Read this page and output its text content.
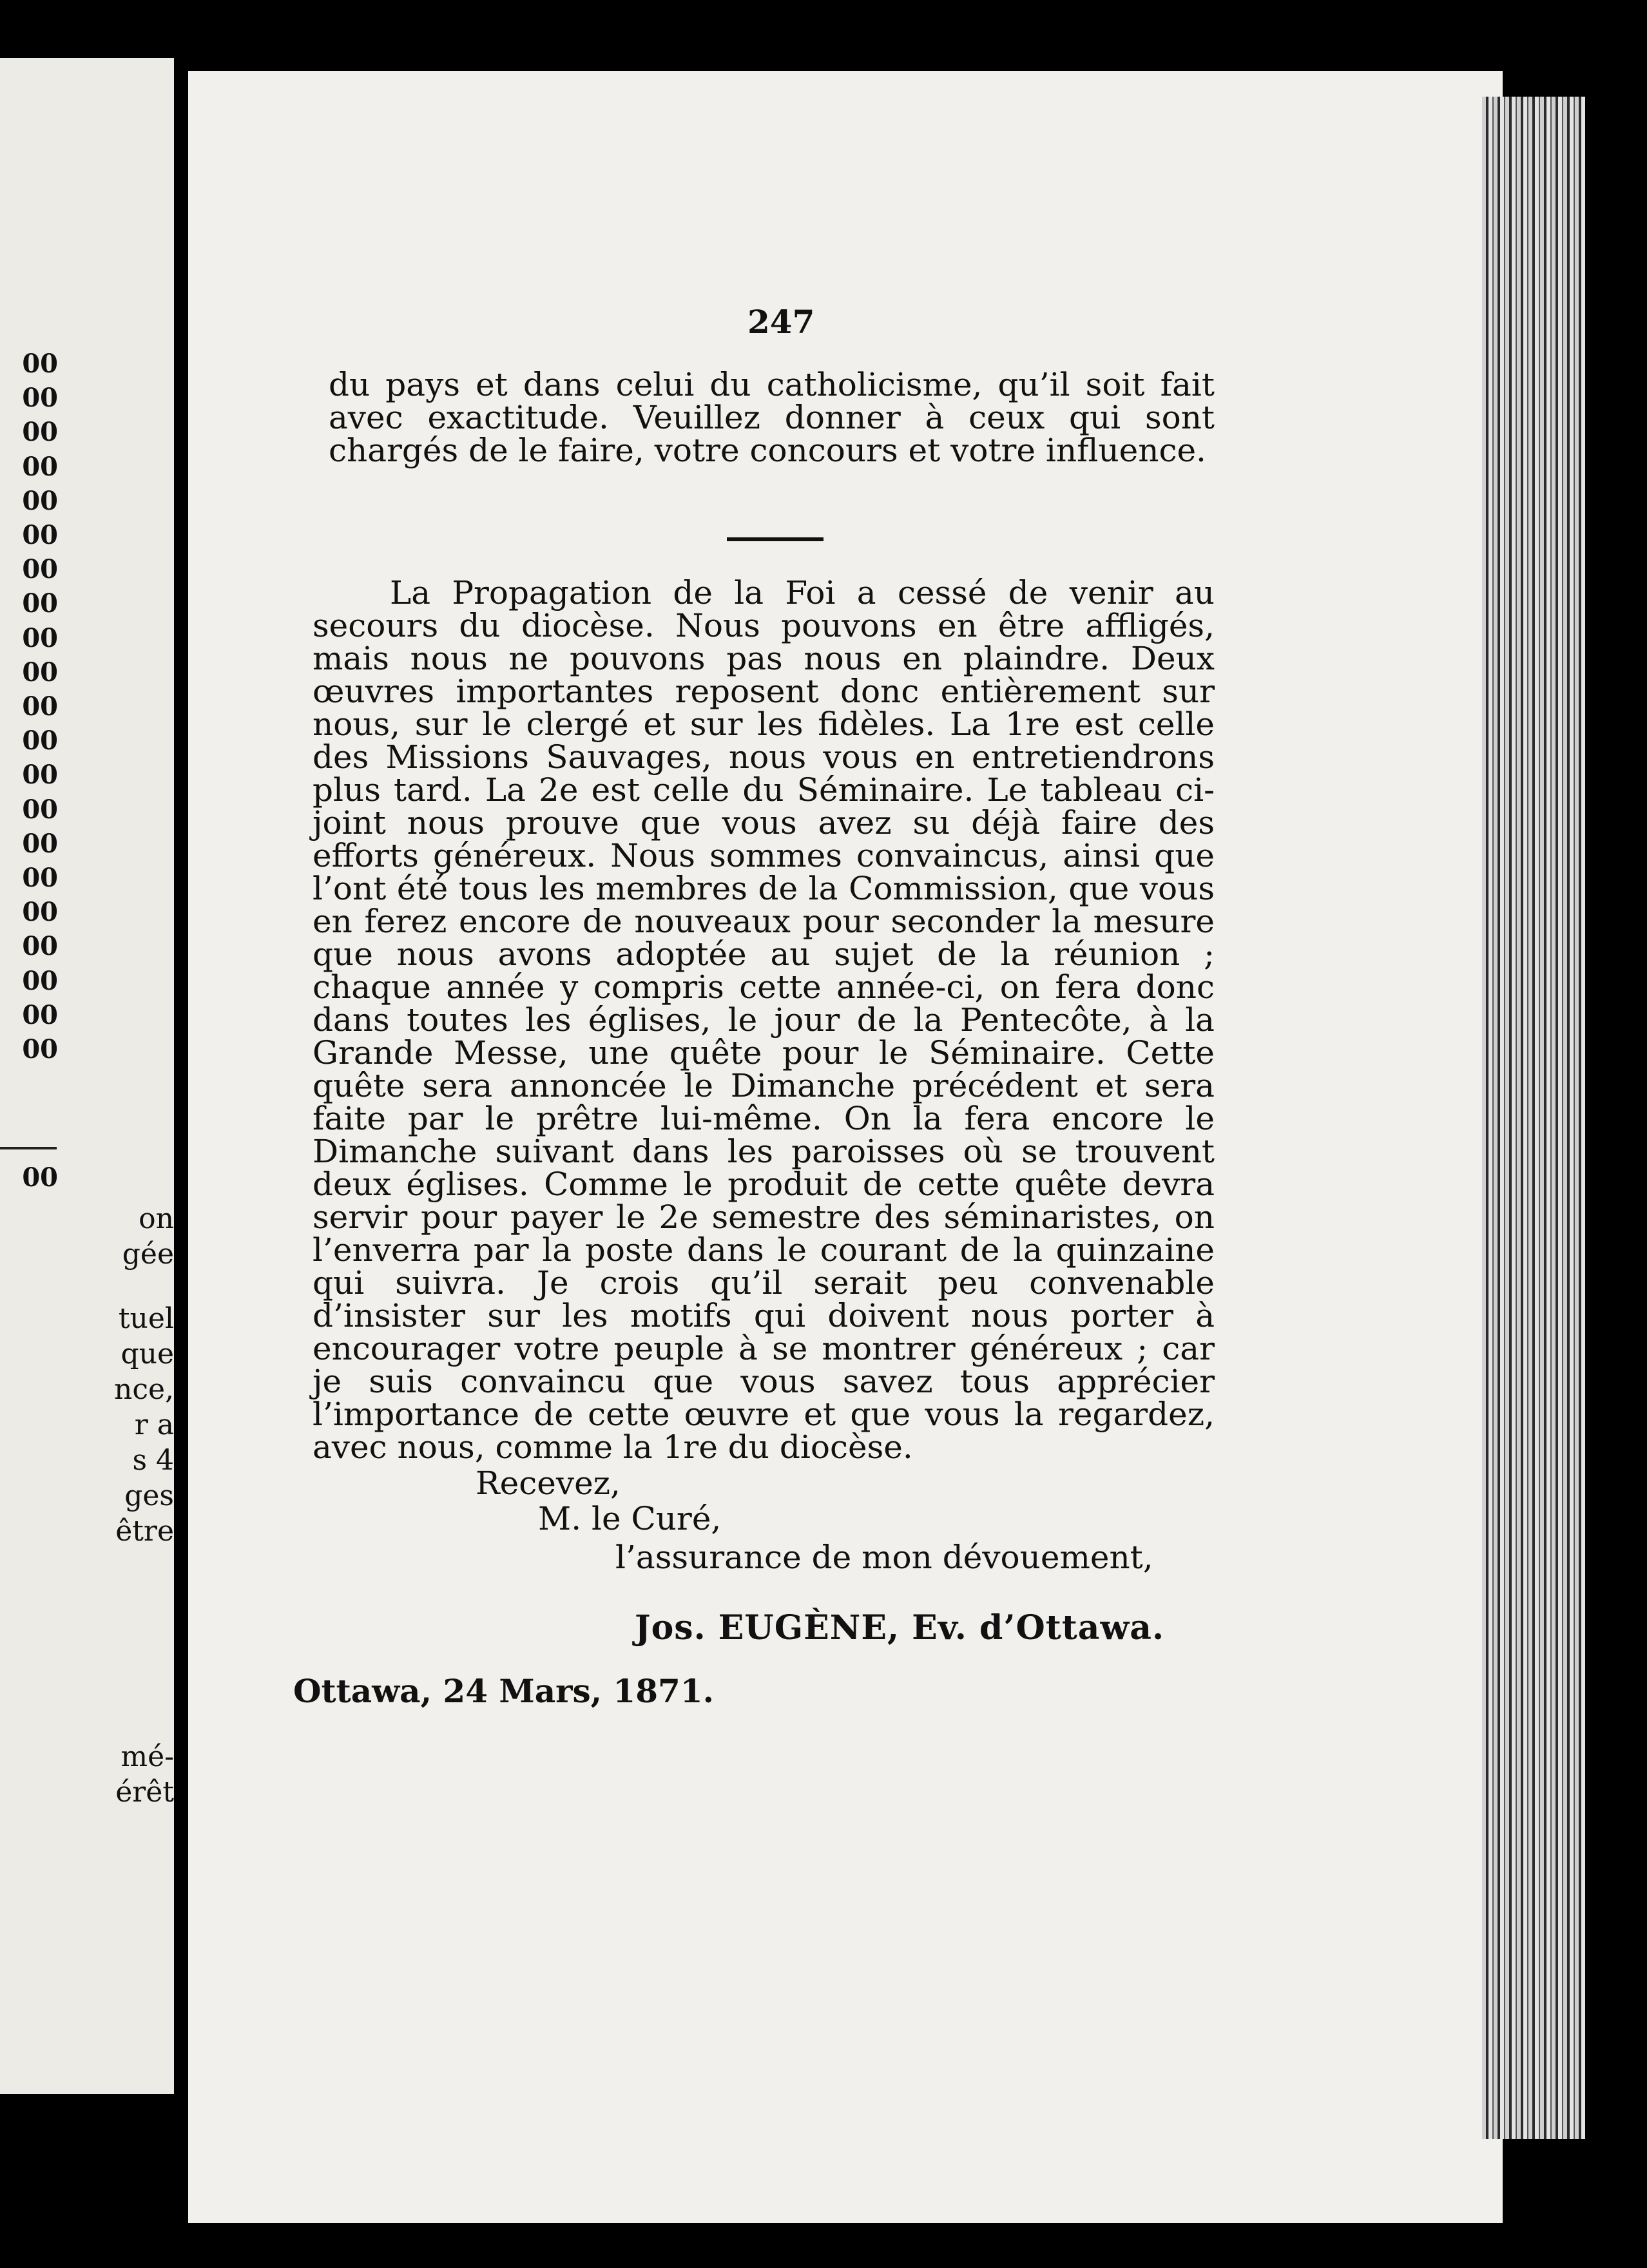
00
00
00
00
00
00
00
00
00
00
00
00
00
00
00
00
00
00
00
00
00
00
on
gée
tuel
que
nce,
r a
s 4
ges
être
mé-
érêt
247

du pays et dans celui du catholicisme, qu’il soit fait avec exactitude. Veuillez donner à ceux qui sont chargés de le faire, votre concours et votre influence.

La Propagation de la Foi a cessé de venir au secours du diocèse. Nous pouvons en être affligés, mais nous ne pouvons pas nous en plaindre. Deux œuvres importantes reposent donc entièrement sur nous, sur le clergé et sur les fidèles. La 1re est celle des Missions Sauvages, nous vous en entretiendrons plus tard. La 2e est celle du Séminaire. Le tableau ci-joint nous prouve que vous avez su déjà faire des efforts généreux. Nous sommes convaincus, ainsi que l’ont été tous les membres de la Commission, que vous en ferez encore de nouveaux pour seconder la mesure que nous avons adoptée au sujet de la réunion ; chaque année y compris cette année-ci, on fera donc dans toutes les églises, le jour de la Pentecôte, à la Grande Messe, une quête pour le Séminaire. Cette quête sera annoncée le Dimanche précédent et sera faite par le prêtre lui-même. On la fera encore le Dimanche suivant dans les paroisses où se trouvent deux églises. Comme le produit de cette quête devra servir pour payer le 2e semestre des séminaristes, on l’enverra par la poste dans le courant de la quinzaine qui suivra. Je crois qu’il serait peu convenable d’insister sur les motifs qui doivent nous porter à encourager votre peuple à se montrer généreux ; car je suis convaincu que vous savez tous apprécier l’importance de cette œuvre et que vous la regardez, avec nous, comme la 1re du diocèse.

Recevez,
M. le Curé,
l’assurance de mon dévouement,
Jos. EUGÈNE, Ev. d’Ottawa.
Ottawa, 24 Mars, 1871.
